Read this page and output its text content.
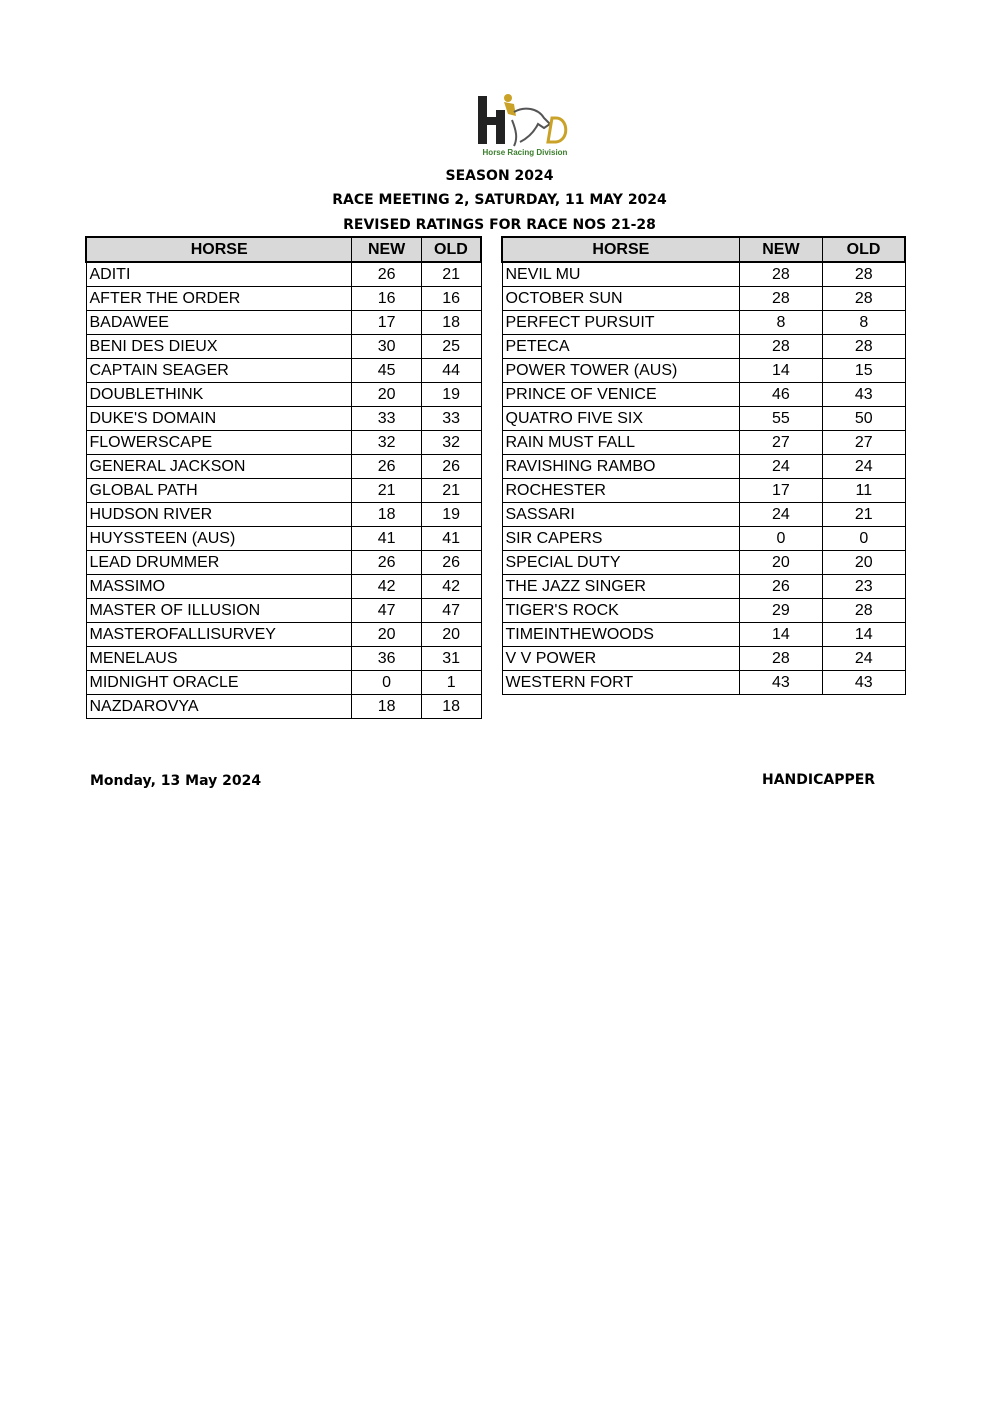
Horse Racing Division
SEASON 2024
RACE MEETING 2, SATURDAY, 11 MAY 2024
REVISED RATINGS FOR RACE NOS 21-28
HORSE	NEW	OLD
ADITI	26	21
AFTER THE ORDER	16	16
BADAWEE	17	18
BENI DES DIEUX	30	25
CAPTAIN SEAGER	45	44
DOUBLETHINK	20	19
DUKE'S DOMAIN	33	33
FLOWERSCAPE	32	32
GENERAL JACKSON	26	26
GLOBAL PATH	21	21
HUDSON RIVER	18	19
HUYSSTEEN (AUS)	41	41
LEAD DRUMMER	26	26
MASSIMO	42	42
MASTER OF ILLUSION	47	47
MASTEROFALLISURVEY	20	20
MENELAUS	36	31
MIDNIGHT ORACLE	0	1
NAZDAROVYA	18	18
HORSE	NEW	OLD
NEVIL MU	28	28
OCTOBER SUN	28	28
PERFECT PURSUIT	8	8
PETECA	28	28
POWER TOWER (AUS)	14	15
PRINCE OF VENICE	46	43
QUATRO FIVE SIX	55	50
RAIN MUST FALL	27	27
RAVISHING RAMBO	24	24
ROCHESTER	17	11
SASSARI	24	21
SIR CAPERS	0	0
SPECIAL DUTY	20	20
THE JAZZ SINGER	26	23
TIGER'S ROCK	29	28
TIMEINTHEWOODS	14	14
V V POWER	28	24
WESTERN FORT	43	43
Monday, 13 May 2024	HANDICAPPER
